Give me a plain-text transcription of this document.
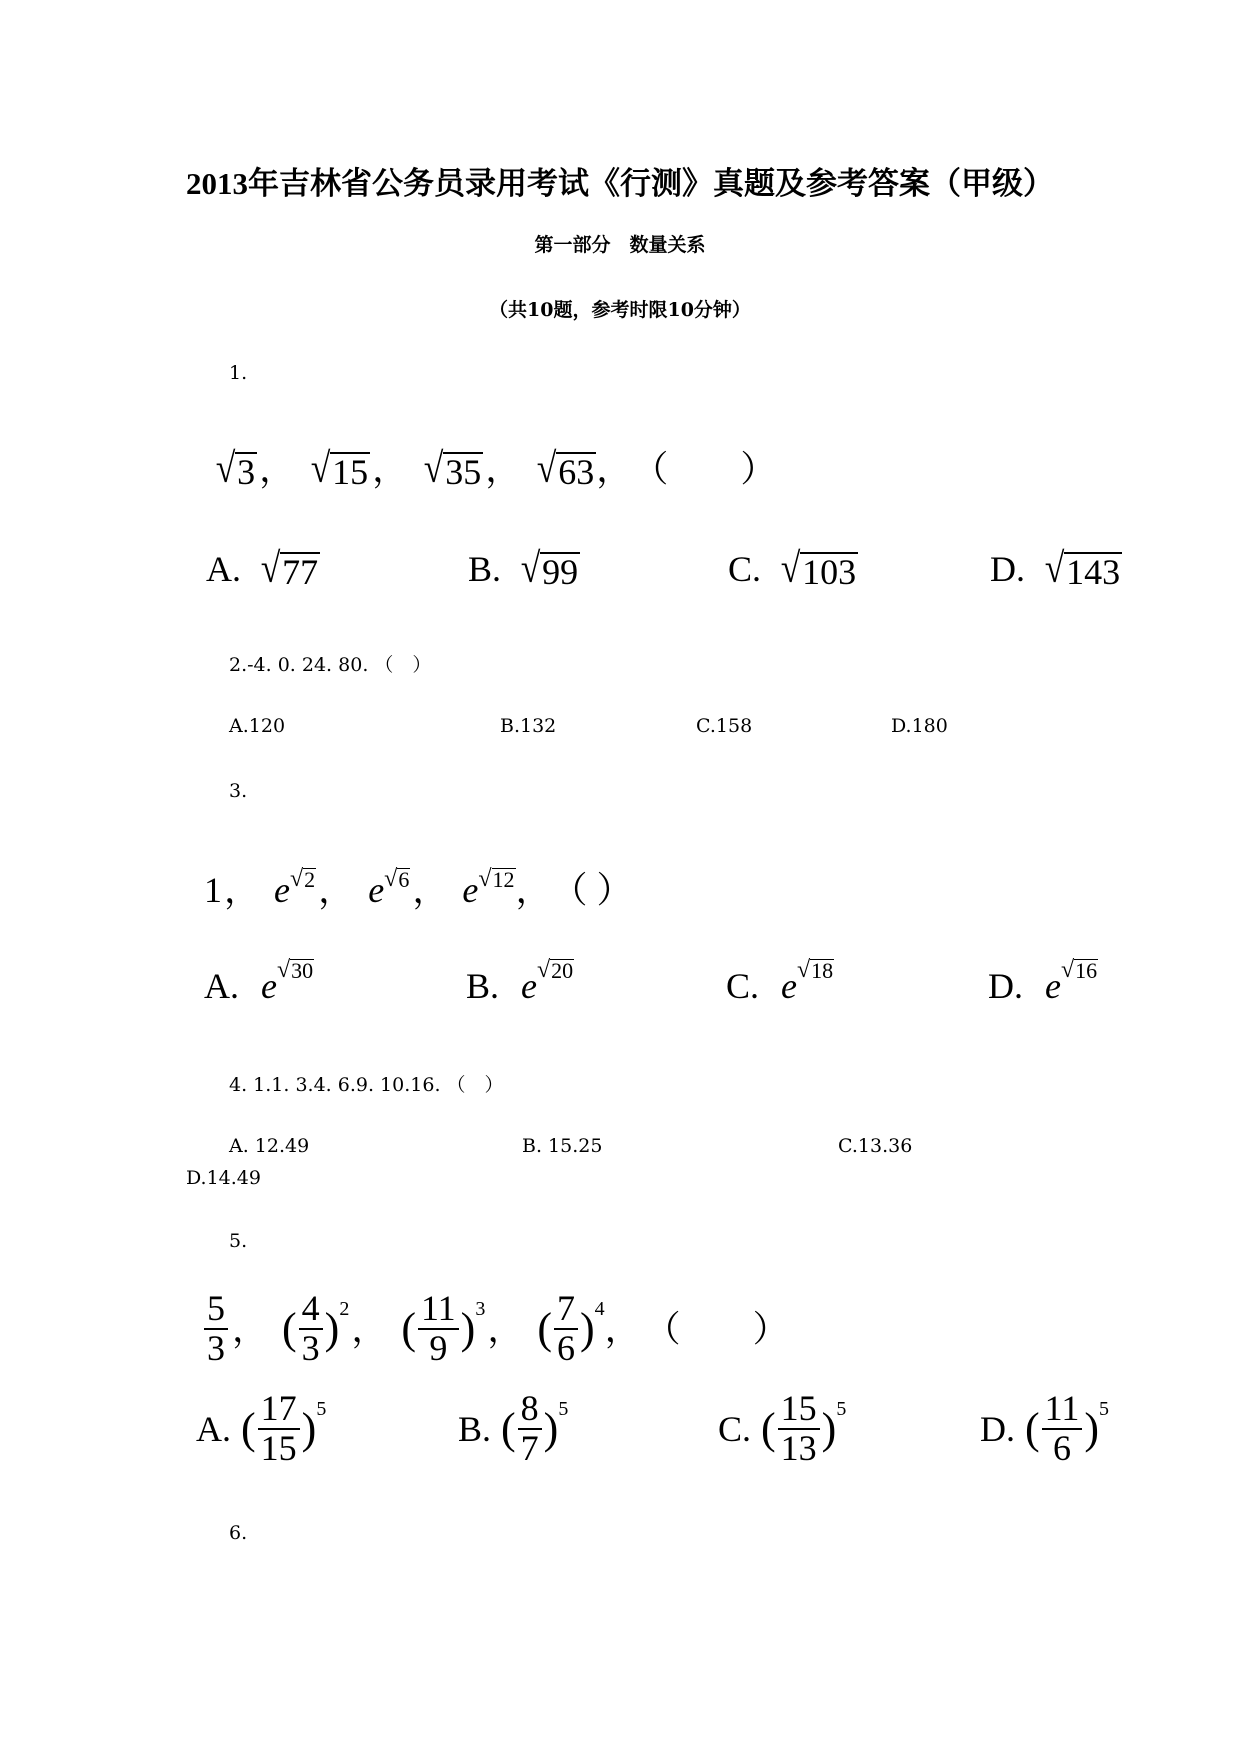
2013年吉林省公务员录用考试《行测》真题及参考答案（甲级）
第一部分　数量关系
（共10题，参考时限10分钟）
1.
√ 3 ， √ 15 ， √ 35 ， √ 63 ， （　　）
A. √ 77	B. √ 99	C. √ 103	D. √ 143
2.-4. 0. 24. 80. （　）
A.120	B.132	C.158	D.180
3.
1 ， e √ 2 ， e √ 6 ， e √ 12 ， （ ）
A. e √ 30	B. e √ 20	C. e √ 18	D. e √ 16
4. 1.1. 3.4. 6.9. 10.16. （　）
A. 12.49	B. 15.25	C.13.36
D.14.49
5.
$\frac{5}{3}$ ， ( $\frac{4}{3}$ ) 2 ， ( $\frac{11}{9}$ ) 3 ， ( $\frac{7}{6}$ ) 4 ， （　　）
A. ( $\frac{17}{15}$ ) 5	B. ( $\frac{8}{7}$ ) 5	C. ( $\frac{15}{13}$ ) 5	D. ( $\frac{11}{6}$ ) 5
6.
